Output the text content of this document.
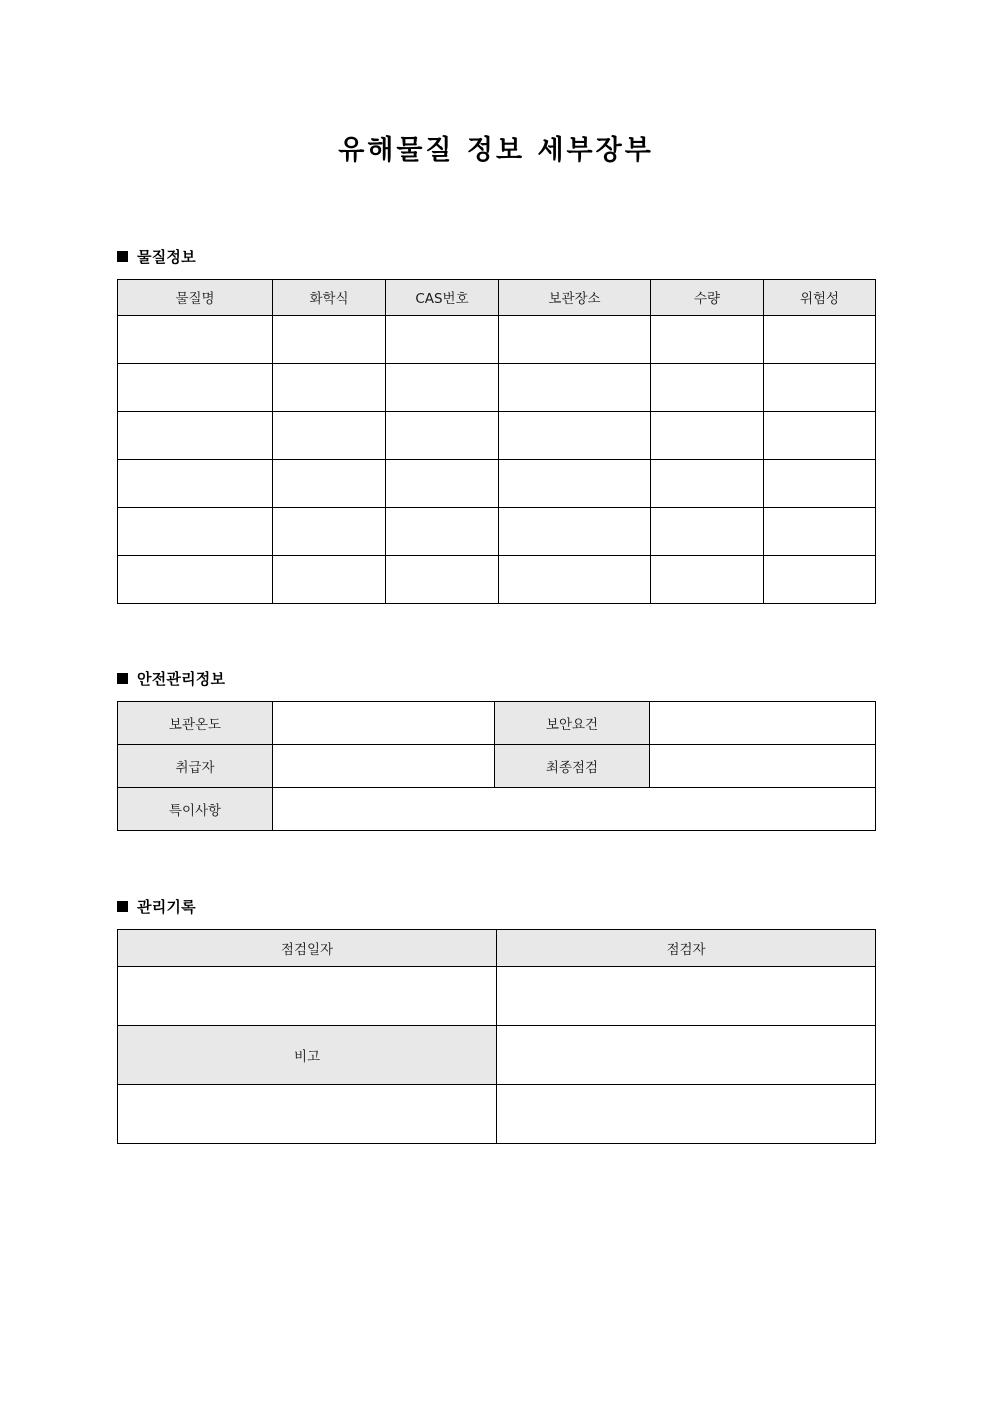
유해물질 정보 세부장부
물질정보
물질명	화학식	CAS번호	보관장소	수량	위험성

안전관리정보
보관온도		보안요건	
취급자		최종점검	
특이사항			
관리기록
점검일자	점검자

비고	
